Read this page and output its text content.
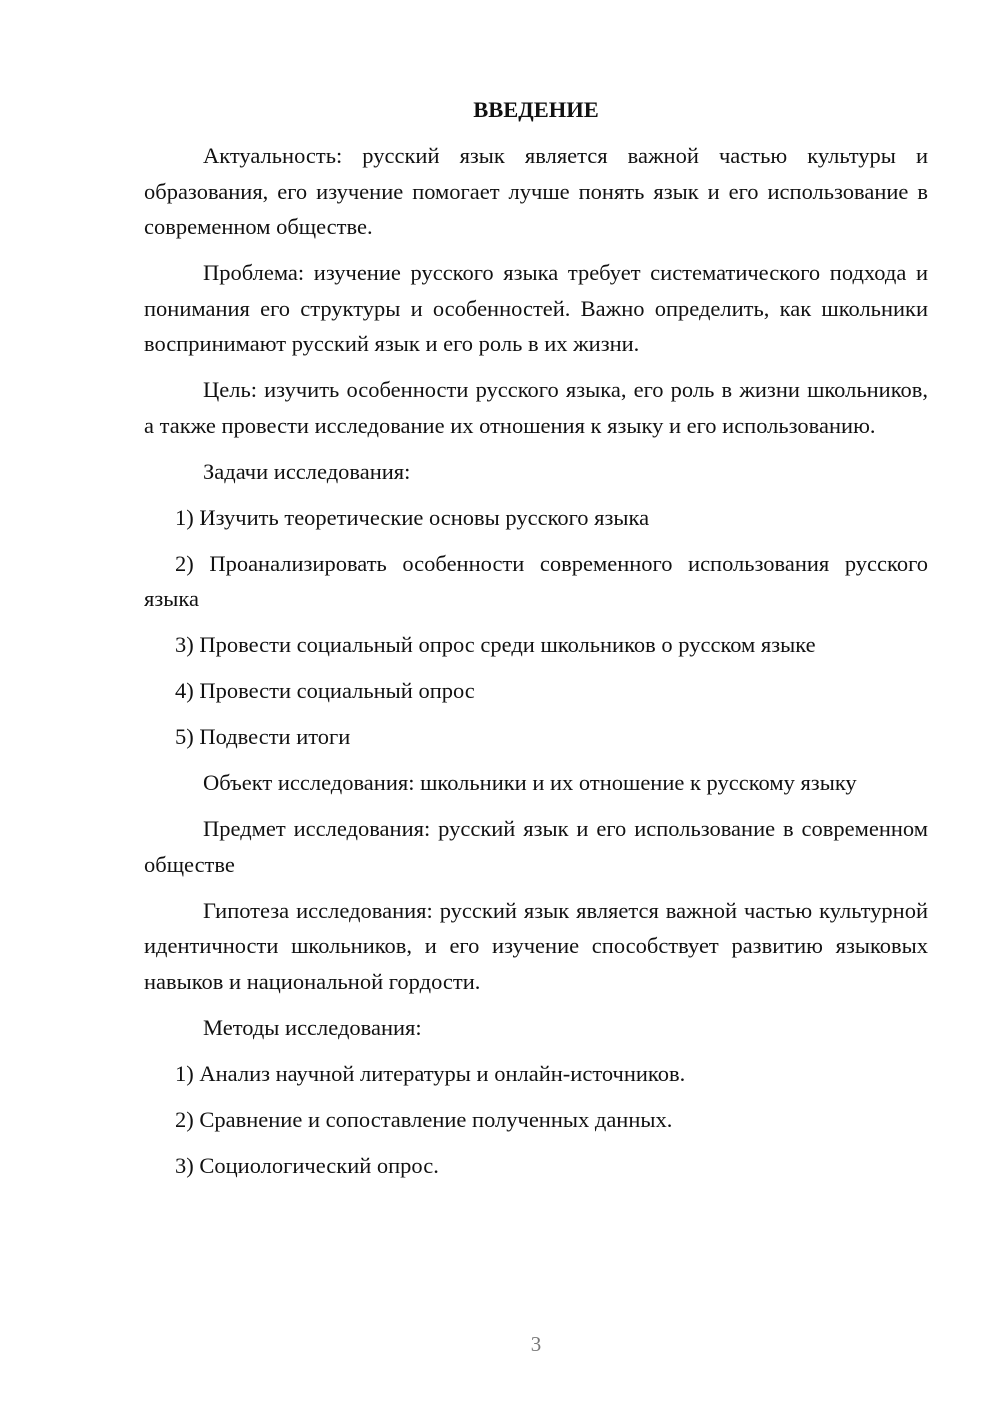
ВВЕДЕНИЕ

Актуальность: русский язык является важной частью культуры и образования, его изучение помогает лучше понять язык и его использование в современном обществе.

Проблема: изучение русского языка требует систематического подхода и понимания его структуры и особенностей. Важно определить, как школьники воспринимают русский язык и его роль в их жизни.

Цель: изучить особенности русского языка, его роль в жизни школьников, а также провести исследование их отношения к языку и его использованию.

Задачи исследования:

1) Изучить теоретические основы русского языка

2) Проанализировать особенности современного использования русского языка

3) Провести социальный опрос среди школьников о русском языке

4) Провести социальный опрос

5) Подвести итоги

Объект исследования: школьники и их отношение к русскому языку

Предмет исследования: русский язык и его использование в современном обществе

Гипотеза исследования: русский язык является важной частью культурной идентичности школьников, и его изучение способствует развитию языковых навыков и национальной гордости.

Методы исследования:

1) Анализ научной литературы и онлайн-источников.

2) Сравнение и сопоставление полученных данных.

3) Социологический опрос.

3
